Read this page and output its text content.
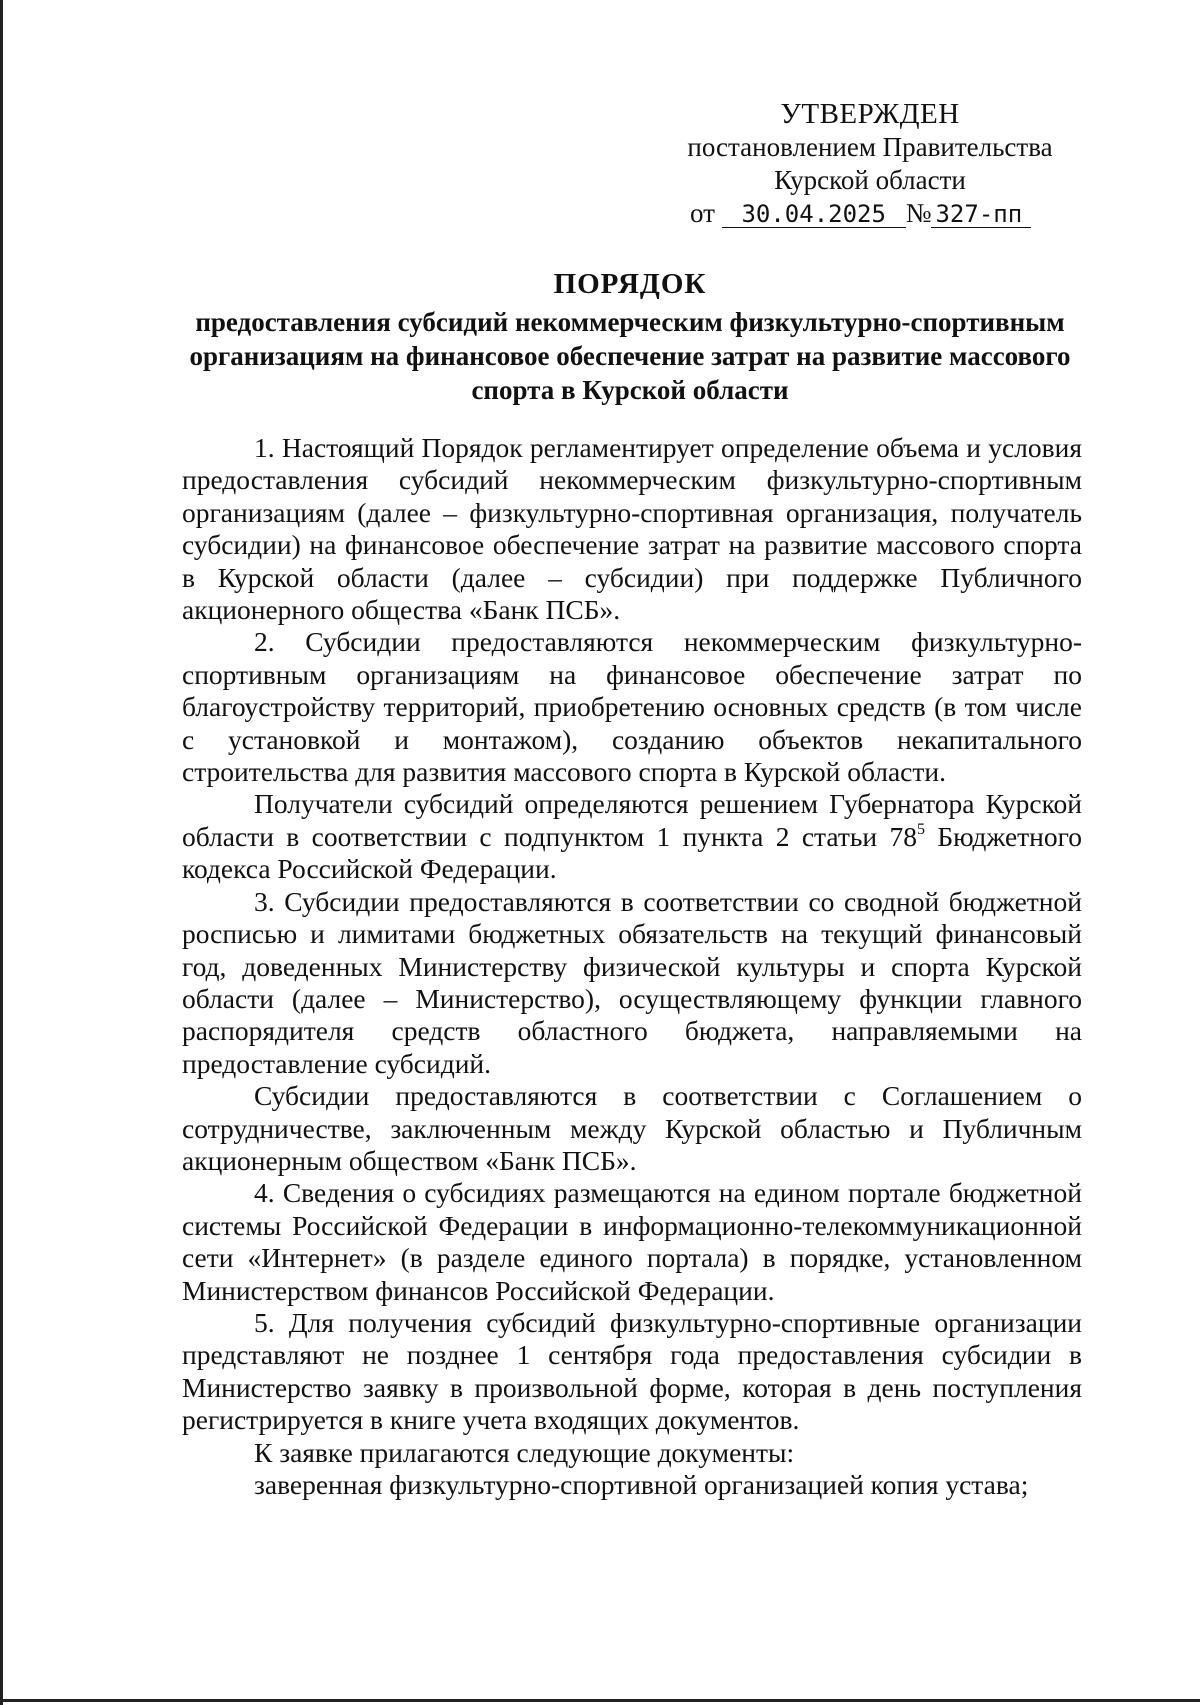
УТВЕРЖДЕН
постановлением Правительства
Курской области
от 30.04.2025 № 327-пп
ПОРЯДОК
предоставления субсидий некоммерческим физкультурно-спортивным организациям на финансовое обеспечение затрат на развитие массового спорта в Курской области

1. Настоящий Порядок регламентирует определение объема и условия предоставления субсидий некоммерческим физкультурно-спортивным организациям (далее – физкультурно-спортивная организация, получатель субсидии) на финансовое обеспечение затрат на развитие массового спорта в Курской области (далее – субсидии) при поддержке Публичного акционерного общества «Банк ПСБ».

2. Субсидии предоставляются некоммерческим физкультурно-спортивным организациям на финансовое обеспечение затрат по благоустройству территорий, приобретению основных средств (в том числе с установкой и монтажом), созданию объектов некапитального строительства для развития массового спорта в Курской области.

Получатели субсидий определяются решением Губернатора Курской области в соответствии с подпунктом 1 пункта 2 статьи $78^5$ Бюджетного кодекса Российской Федерации.

3. Субсидии предоставляются в соответствии со сводной бюджетной росписью и лимитами бюджетных обязательств на текущий финансовый год, доведенных Министерству физической культуры и спорта Курской области (далее – Министерство), осуществляющему функции главного распорядителя средств областного бюджета, направляемыми на предоставление субсидий.

Субсидии предоставляются в соответствии с Соглашением о сотрудничестве, заключенным между Курской областью и Публичным акционерным обществом «Банк ПСБ».

4. Сведения о субсидиях размещаются на едином портале бюджетной системы Российской Федерации в информационно-телекоммуникационной сети «Интернет» (в разделе единого портала) в порядке, установленном Министерством финансов Российской Федерации.

5. Для получения субсидий физкультурно-спортивные организации представляют не позднее 1 сентября года предоставления субсидии в Министерство заявку в произвольной форме, которая в день поступления регистрируется в книге учета входящих документов.

К заявке прилагаются следующие документы:

заверенная физкультурно-спортивной организацией копия устава;
